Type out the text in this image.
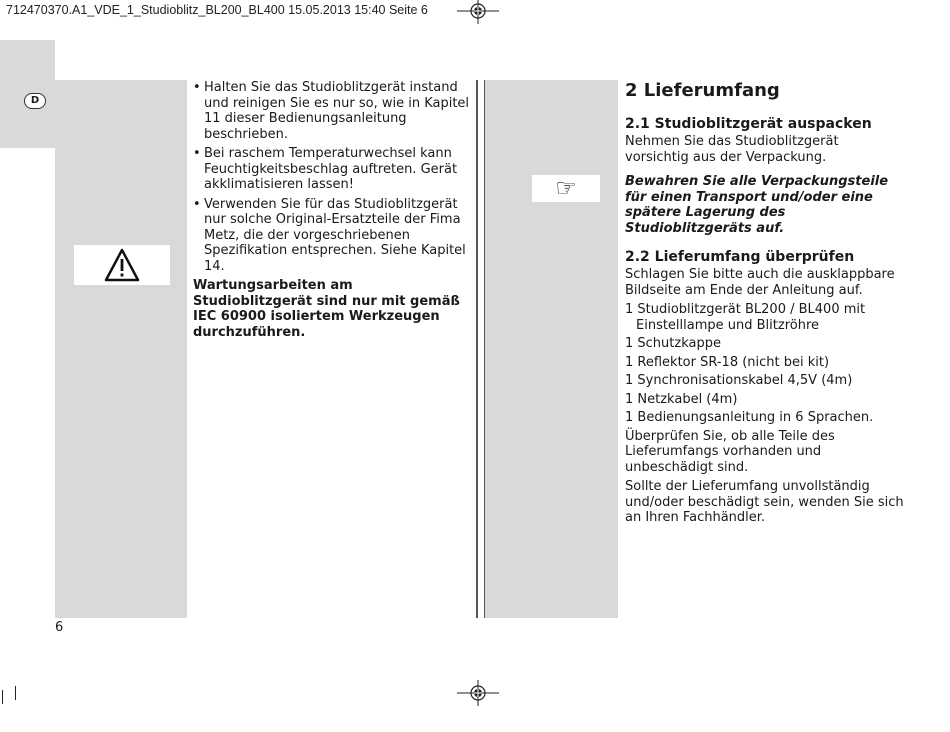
712470370.A1_VDE_1_Studioblitz_BL200_BL400 15.05.2013 15:40 Seite 6
D
• Halten Sie das Studioblitzgerät instand und reinigen Sie es nur so, wie in Kapitel 11 dieser Bedienungsanleitung beschrieben.
• Bei raschem Temperaturwechsel kann Feuchtigkeitsbeschlag auftreten. Gerät akklimatisieren lassen!
• Verwenden Sie für das Studioblitzgerät nur solche Original-Ersatzteile der Fima Metz, die der vorgeschriebenen Spezifikation entsprechen. Siehe Kapitel 14.
Wartungsarbeiten am Studioblitzgerät sind nur mit gemäß IEC 60900 isoliertem Werkzeugen durchzuführen.
☞
2 Lieferumfang
2.1 Studioblitzgerät auspacken
Nehmen Sie das Studioblitzgerät vorsichtig aus der Verpackung.
Bewahren Sie alle Verpackungsteile für einen Transport und/oder eine spätere Lagerung des Studioblitzgeräts auf.
2.2 Lieferumfang überprüfen
Schlagen Sie bitte auch die ausklappbare Bildseite am Ende der Anleitung auf.
1 Studioblitzgerät BL200 / BL400 mit Einstelllampe und Blitzröhre
1 Schutzkappe
1 Reflektor SR-18 (nicht bei kit)
1 Synchronisationskabel 4,5V (4m)
1 Netzkabel (4m)
1 Bedienungsanleitung in 6 Sprachen.
Überprüfen Sie, ob alle Teile des Lieferumfangs vorhanden und unbeschädigt sind.
Sollte der Lieferumfang unvollständig und/oder beschädigt sein, wenden Sie sich an Ihren Fachhändler.
6
